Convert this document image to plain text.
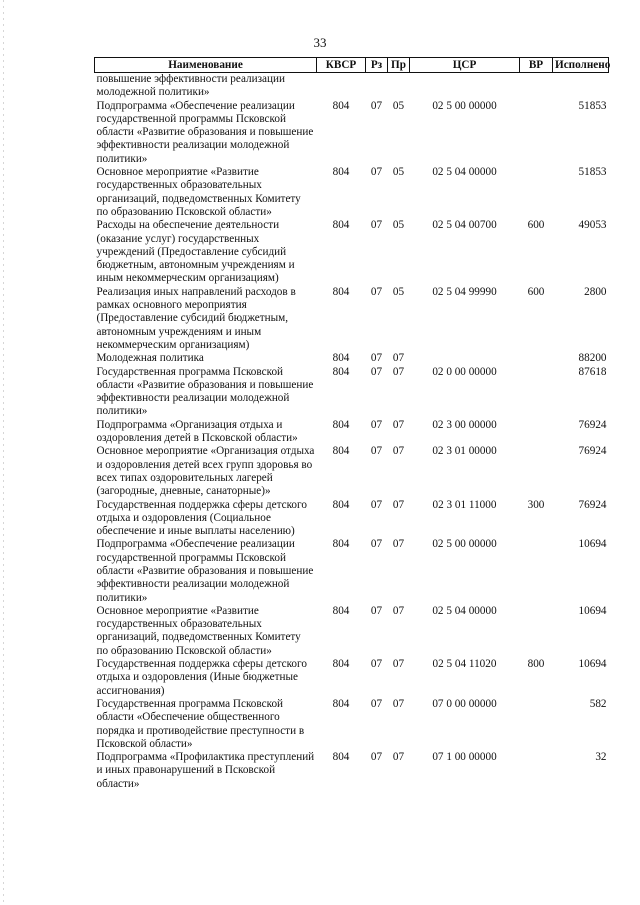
33
Наименование	КВСР	Рз	Пр	ЦСР	ВР	Исполнено
повышение эффективности реализации молодежной политики»						
Подпрограмма «Обеспечение реализации государственной программы Псковской области «Развитие образования и повышение эффективности реализации молодежной политики»	804	07	05	02 5 00 00000		51853
Основное мероприятие «Развитие государственных образовательных организаций, подведомственных Комитету по образованию Псковской области»	804	07	05	02 5 04 00000		51853
Расходы на обеспечение деятельности (оказание услуг) государственных учреждений (Предоставление субсидий бюджетным, автономным учреждениям и иным некоммерческим организациям)	804	07	05	02 5 04 00700	600	49053
Реализация иных направлений расходов в рамках основного мероприятия (Предоставление субсидий бюджетным, автономным учреждениям и иным некоммерческим организациям)	804	07	05	02 5 04 99990	600	2800
Молодежная политика	804	07	07			88200
Государственная программа Псковской области «Развитие образования и повышение эффективности реализации молодежной политики»	804	07	07	02 0 00 00000		87618
Подпрограмма «Организация отдыха и оздоровления детей в Псковской области»	804	07	07	02 3 00 00000		76924
Основное мероприятие «Организация отдыха и оздоровления детей всех групп здоровья во всех типах оздоровительных лагерей (загородные, дневные, санаторные)»	804	07	07	02 3 01 00000		76924
Государственная поддержка сферы детского отдыха и оздоровления (Социальное обеспечение и иные выплаты населению)	804	07	07	02 3 01 11000	300	76924
Подпрограмма «Обеспечение реализации государственной программы Псковской области «Развитие образования и повышение эффективности реализации молодежной политики»	804	07	07	02 5 00 00000		10694
Основное мероприятие «Развитие государственных образовательных организаций, подведомственных Комитету по образованию Псковской области»	804	07	07	02 5 04 00000		10694
Государственная поддержка сферы детского отдыха и оздоровления (Иные бюджетные ассигнования)	804	07	07	02 5 04 11020	800	10694
Государственная программа Псковской области «Обеспечение общественного порядка и противодействие преступности в Псковской области»	804	07	07	07 0 00 00000		582
Подпрограмма «Профилактика преступлений и иных правонарушений в Псковской области»	804	07	07	07 1 00 00000		32
